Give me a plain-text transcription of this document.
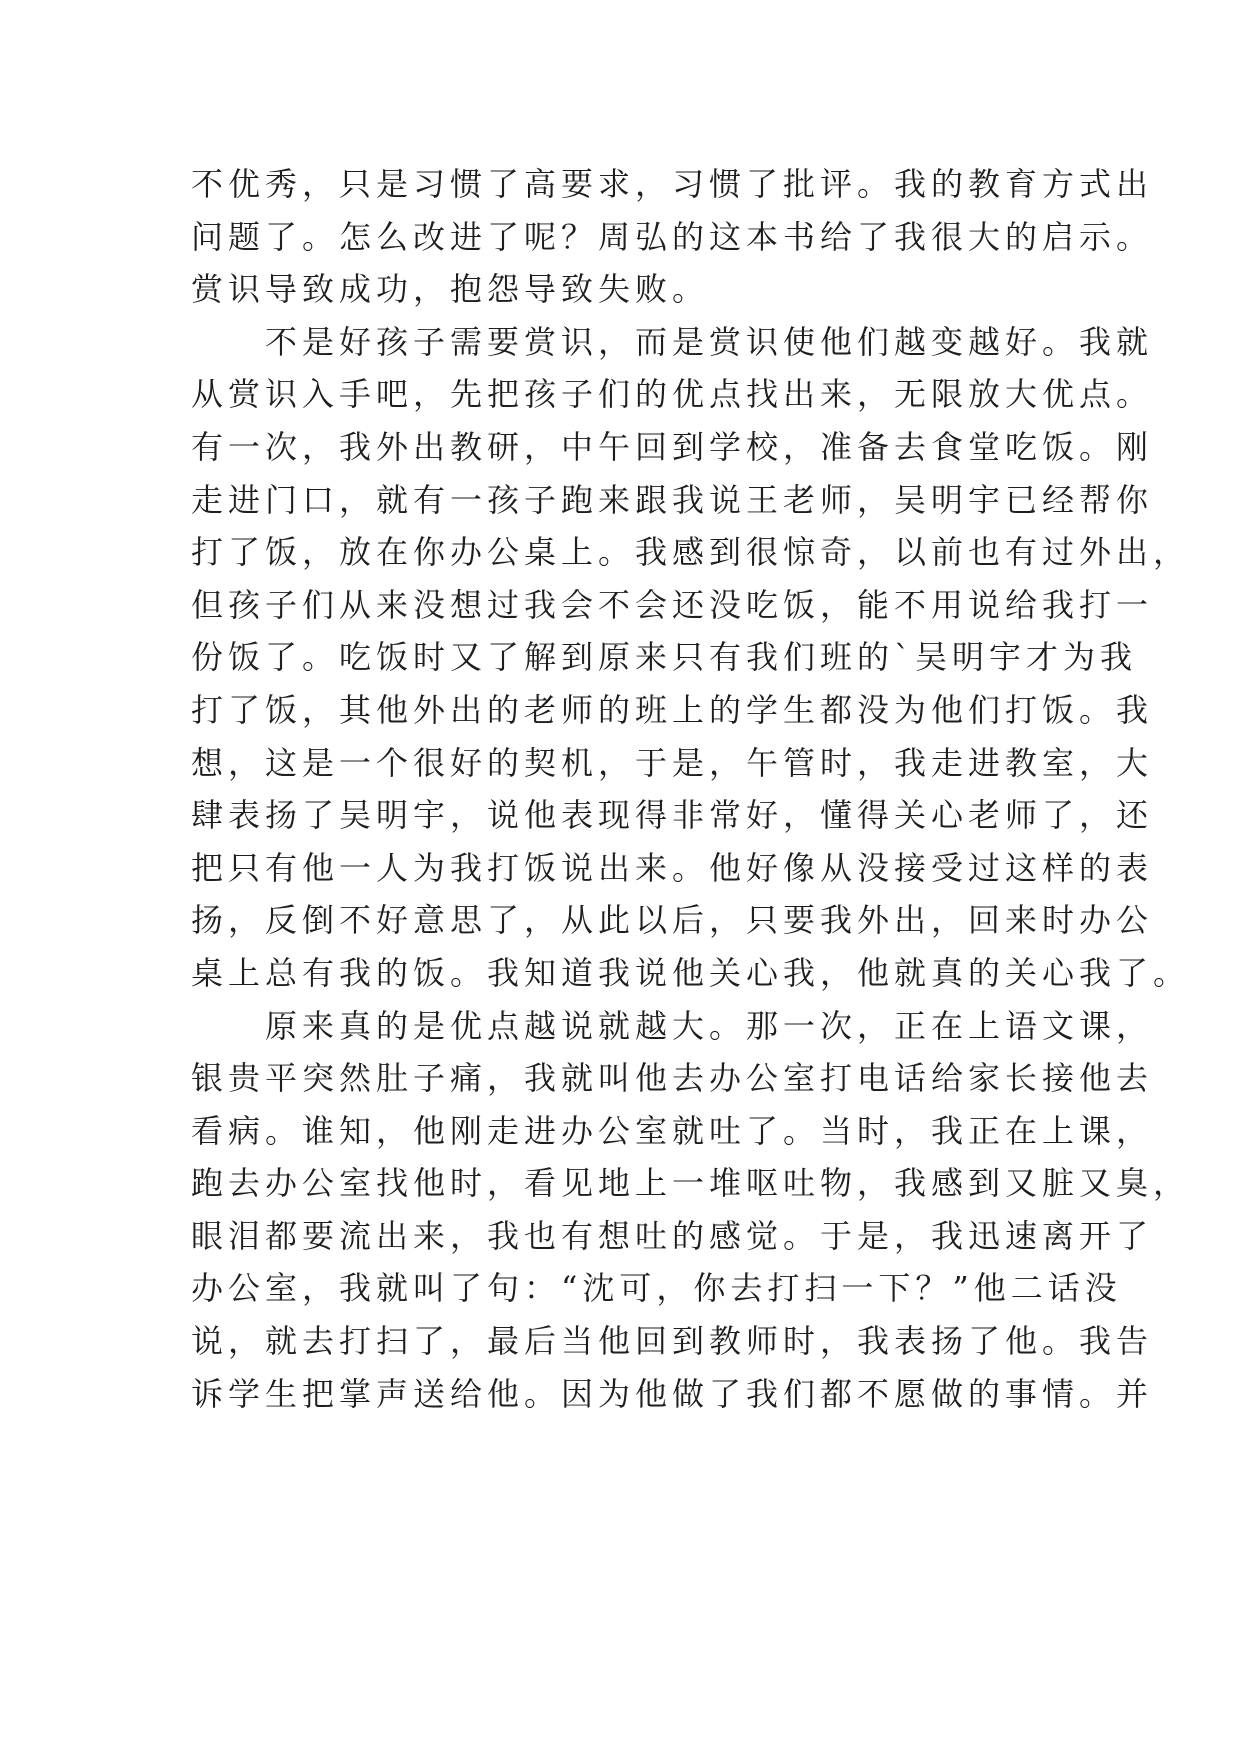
不优秀，只是习惯了高要求，习惯了批评。我的教育方式出
问题了。怎么改进了呢？周弘的这本书给了我很大的启示。
赏识导致成功，抱怨导致失败。
　　不是好孩子需要赏识，而是赏识使他们越变越好。我就
从赏识入手吧，先把孩子们的优点找出来，无限放大优点。
有一次，我外出教研，中午回到学校，准备去食堂吃饭。刚
走进门口，就有一孩子跑来跟我说王老师，吴明宇已经帮你
打了饭，放在你办公桌上。我感到很惊奇，以前也有过外出，
但孩子们从来没想过我会不会还没吃饭，能不用说给我打一
份饭了。吃饭时又了解到原来只有我们班的`吴明宇才为我
打了饭，其他外出的老师的班上的学生都没为他们打饭。我
想，这是一个很好的契机，于是，午管时，我走进教室，大
肆表扬了吴明宇，说他表现得非常好，懂得关心老师了，还
把只有他一人为我打饭说出来。他好像从没接受过这样的表
扬，反倒不好意思了，从此以后，只要我外出，回来时办公
桌上总有我的饭。我知道我说他关心我，他就真的关心我了。
　　原来真的是优点越说就越大。那一次，正在上语文课，
银贵平突然肚子痛，我就叫他去办公室打电话给家长接他去
看病。谁知，他刚走进办公室就吐了。当时，我正在上课，
跑去办公室找他时，看见地上一堆呕吐物，我感到又脏又臭，
眼泪都要流出来，我也有想吐的感觉。于是，我迅速离开了
办公室，我就叫了句：“沈可，你去打扫一下？”他二话没
说，就去打扫了，最后当他回到教师时，我表扬了他。我告
诉学生把掌声送给他。因为他做了我们都不愿做的事情。并
